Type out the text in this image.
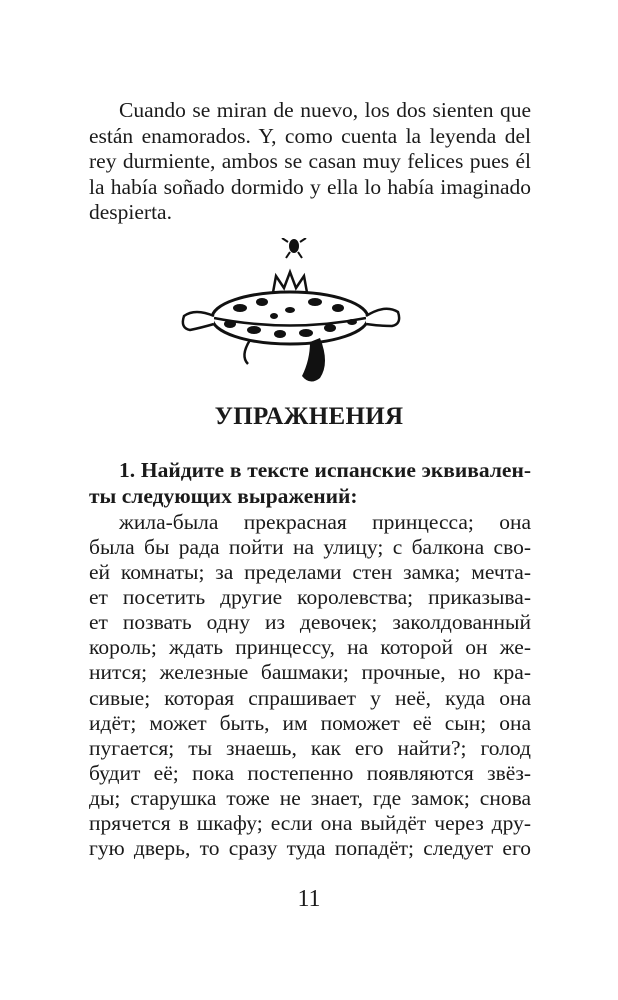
Cuando se miran de nuevo, los dos sienten que
están enamorados. Y, como cuenta la leyenda del
rey durmiente, ambos se casan muy felices pues él
la había soñado dormido y ella lo había imaginado
despierta.
УПРАЖНЕНИЯ
1. Найдите в тексте испанские эквивален-
ты следующих выражений:
жила-была прекрасная принцесса; она
была бы рада пойти на улицу; с балкона сво-
ей комнаты; за пределами стен замка; мечта-
ет посетить другие королевства; приказыва-
ет позвать одну из девочек; заколдованный
король; ждать принцессу, на которой он же-
нится; железные башмаки; прочные, но кра-
сивые; которая спрашивает у неё, куда она
идёт; может быть, им поможет её сын; она
пугается; ты знаешь, как его найти?; голод
будит её; пока постепенно появляются звёз-
ды; старушка тоже не знает, где замок; снова
прячется в шкафу; если она выйдёт через дру-
гую дверь, то сразу туда попадёт; следует его
11
